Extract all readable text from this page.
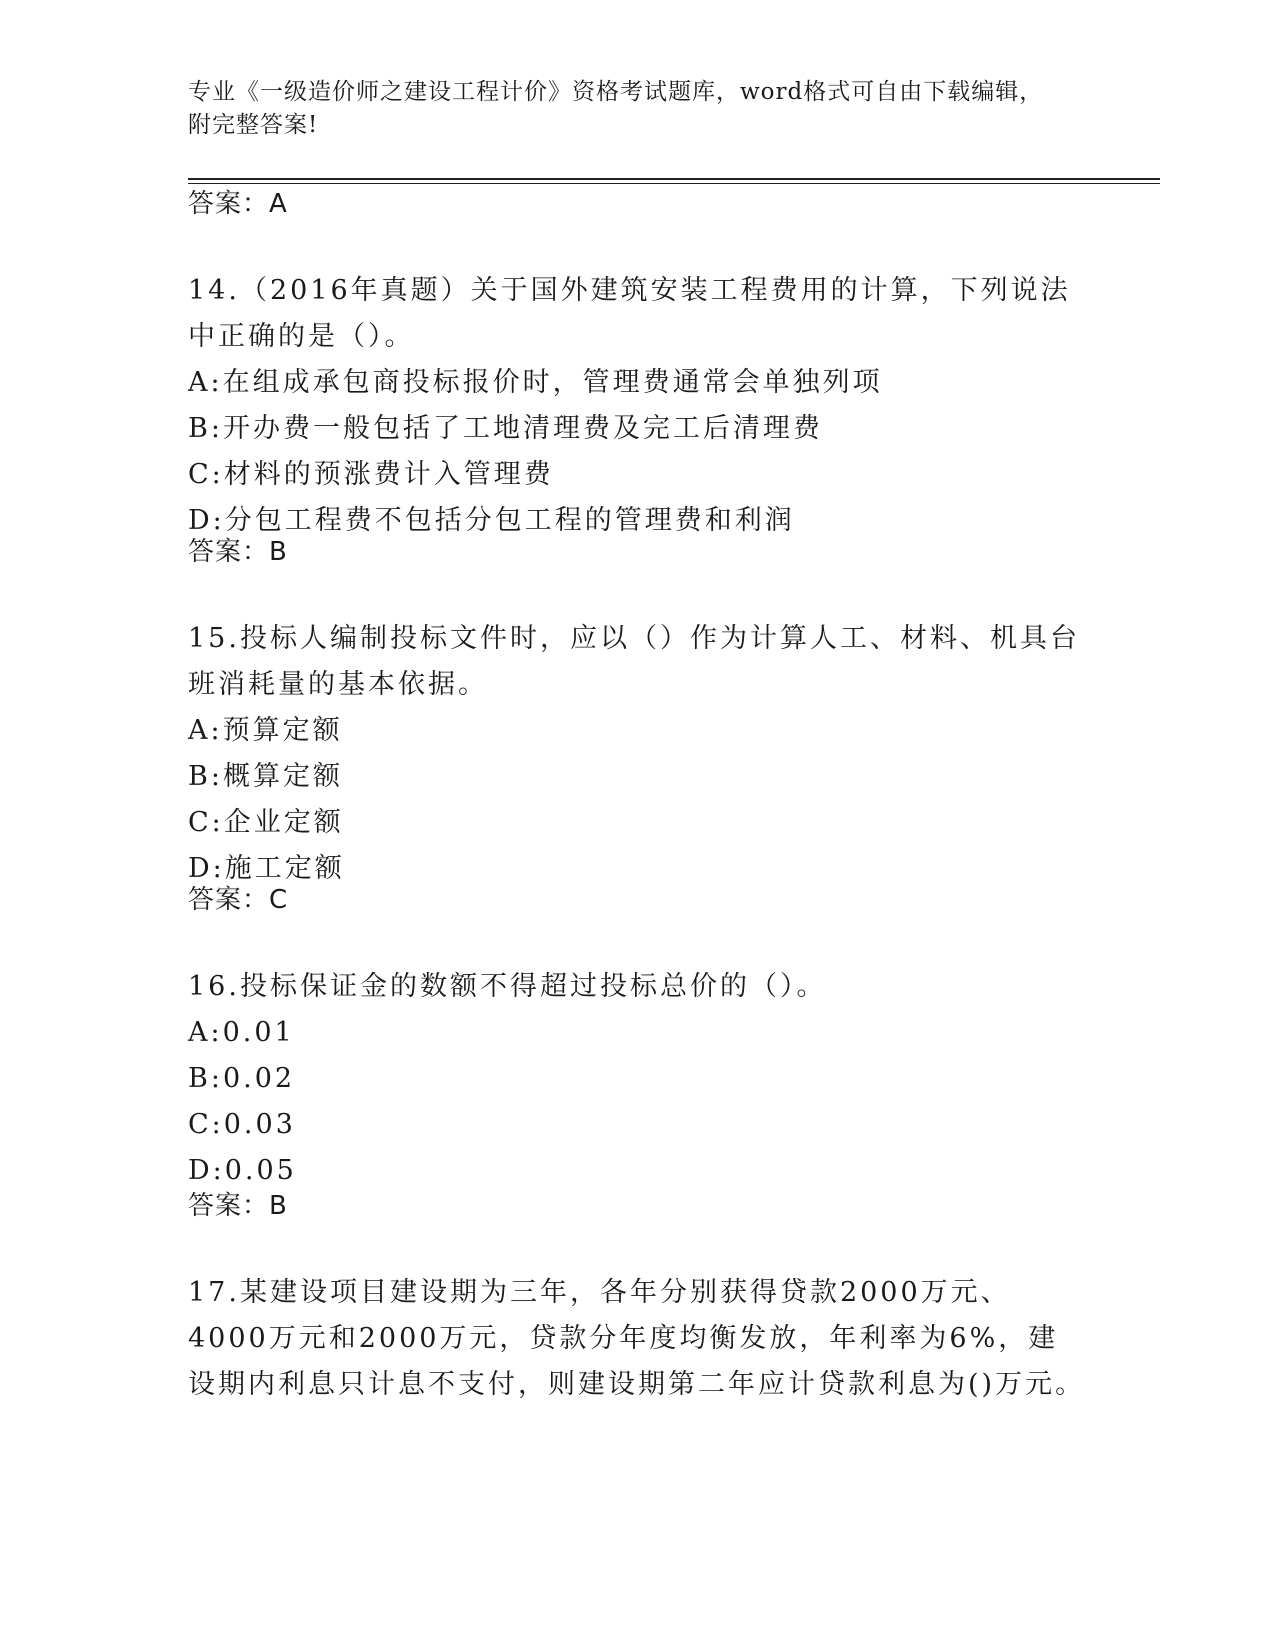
专业《一级造价师之建设工程计价》资格考试题库，word格式可自由下载编辑，
附完整答案!
答案：A
14.（2016年真题）关于国外建筑安装工程费用的计算，下列说法中正确的是（）。
A:在组成承包商投标报价时，管理费通常会单独列项
B:开办费一般包括了工地清理费及完工后清理费
C:材料的预涨费计入管理费
D:分包工程费不包括分包工程的管理费和利润
答案：B
15.投标人编制投标文件时，应以（）作为计算人工、材料、机具台班消耗量的基本依据。
A:预算定额
B:概算定额
C:企业定额
D:施工定额
答案：C
16.投标保证金的数额不得超过投标总价的（）。
A:0.01
B:0.02
C:0.03
D:0.05
答案：B
17.某建设项目建设期为三年，各年分别获得贷款2000万元、4000万元和2000万元，贷款分年度均衡发放，年利率为6%，建设期内利息只计息不支付，则建设期第二年应计贷款利息为()万元。
